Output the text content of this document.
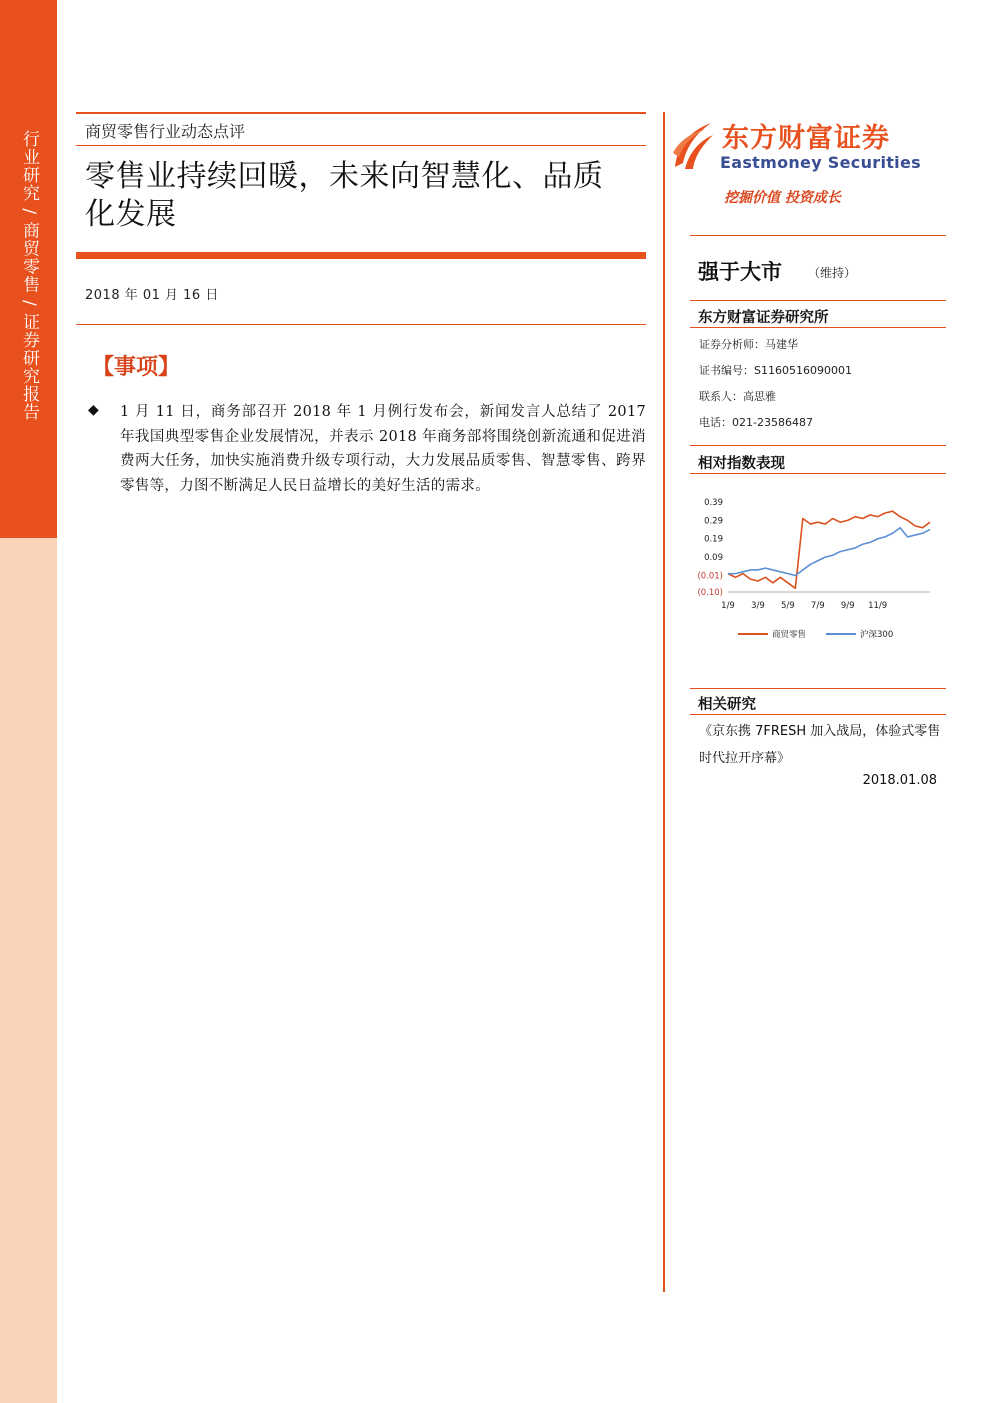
行业研究 / 商贸零售 / 证券研究报告	商贸零售行业动态点评
零售业持续回暖，未来向智慧化、品质
化发展
2018 年 01 月 16 日
【事项】
◆ 1 月 11 日，商务部召开 2018 年 1 月例行发布会，新闻发言人总结了 2017 年我国典型零售企业发展情况，并表示 2018 年商务部将围绕创新流通和促进消费两大任务，加快实施消费升级专项行动，大力发展品质零售、智慧零售、跨界零售等，力图不断满足人民日益增长的美好生活的需求。
东方财富证券
Eastmoney Securities
挖掘价值 投资成长
强于大市 （维持）
东方财富证券研究所
证券分析师：马建华
证书编号：S1160516090001
联系人：高思雅
电话：021-23586487
相对指数表现
0.39
0.29
0.19
0.09
(0.01)
(0.10)
1/9 3/9 5/9 7/9 9/9 11/9
商贸零售	沪深300
相关研究
《京东携 7FRESH 加入战局，体验式零售时代拉开序幕》
2018.01.08
